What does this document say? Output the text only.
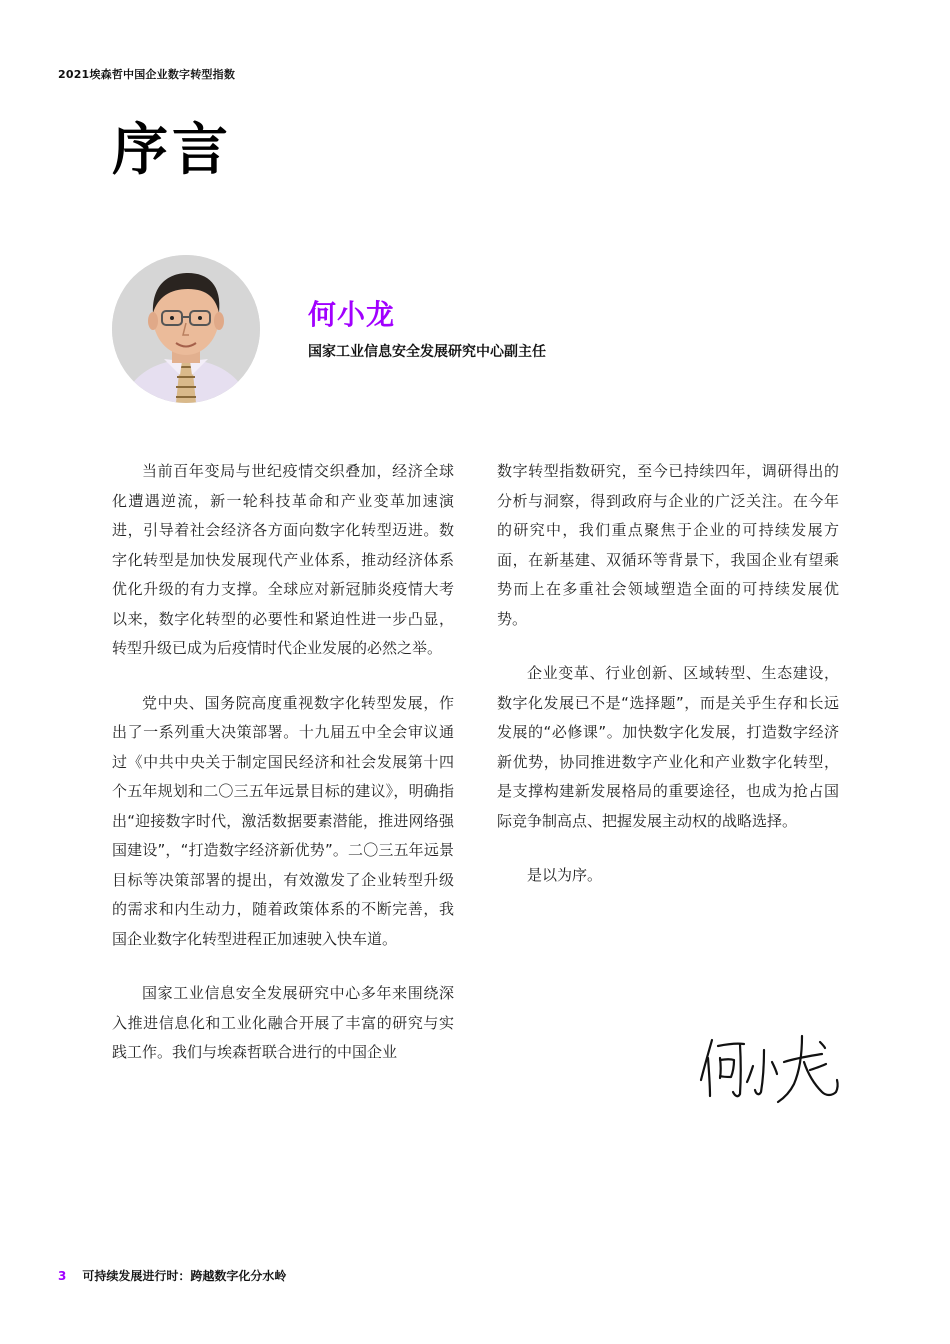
2021埃森哲中国企业数字转型指数
序言
何小龙
国家工业信息安全发展研究中心副主任

当前百年变局与世纪疫情交织叠加，经济全球化遭遇逆流，新一轮科技革命和产业变革加速演进，引导着社会经济各方面向数字化转型迈进。数字化转型是加快发展现代产业体系，推动经济体系优化升级的有力支撑。全球应对新冠肺炎疫情大考以来，数字化转型的必要性和紧迫性进一步凸显，转型升级已成为后疫情时代企业发展的必然之举。

党中央、国务院高度重视数字化转型发展，作出了一系列重大决策部署。十九届五中全会审议通过《中共中央关于制定国民经济和社会发展第十四个五年规划和二〇三五年远景目标的建议》，明确指出“迎接数字时代，激活数据要素潜能，推进网络强国建设”，“打造数字经济新优势”。二〇三五年远景目标等决策部署的提出，有效激发了企业转型升级的需求和内生动力，随着政策体系的不断完善，我国企业数字化转型进程正加速驶入快车道。

国家工业信息安全发展研究中心多年来围绕深入推进信息化和工业化融合开展了丰富的研究与实践工作。我们与埃森哲联合进行的中国企业

数字转型指数研究，至今已持续四年，调研得出的分析与洞察，得到政府与企业的广泛关注。在今年的研究中，我们重点聚焦于企业的可持续发展方面，在新基建、双循环等背景下，我国企业有望乘势而上在多重社会领域塑造全面的可持续发展优势。

企业变革、行业创新、区域转型、生态建设，数字化发展已不是“选择题”，而是关乎生存和长远发展的“必修课”。加快数字化发展，打造数字经济新优势，协同推进数字产业化和产业数字化转型，是支撑构建新发展格局的重要途径，也成为抢占国际竞争制高点、把握发展主动权的战略选择。

是以为序。

3 可持续发展进行时：跨越数字化分水岭
